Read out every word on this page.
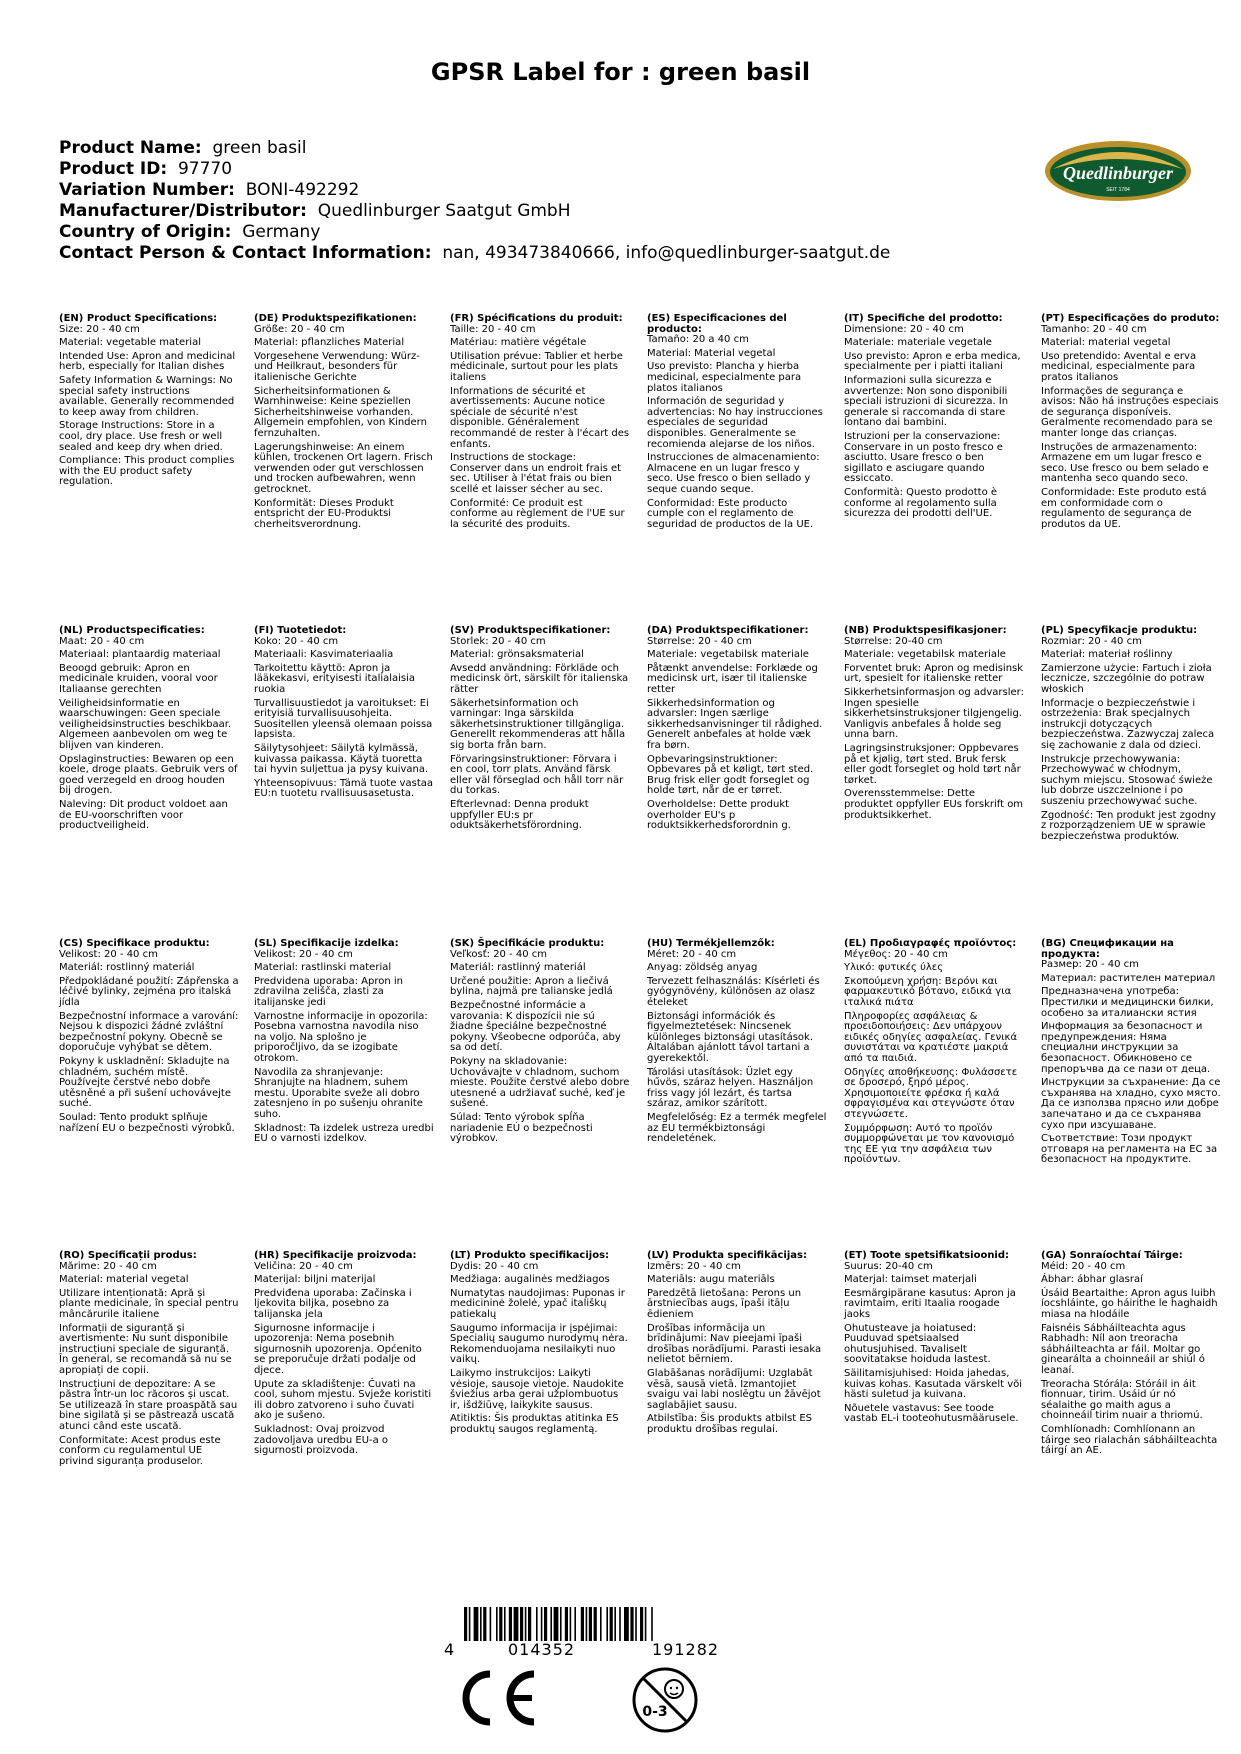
GPSR Label for : green basil
Product Name: green basil
Product ID: 97770
Variation Number: BONI-492292
Manufacturer/Distributor: Quedlinburger Saatgut GmbH
Country of Origin: Germany
Contact Person & Contact Information: nan, 493473840666, info@quedlinburger-saatgut.de
Quedlinburger
SEIT 1784
(EN) Product Specifications:
Size: 20 - 40 cm
Material: vegetable material
Intended Use: Apron and medicinal herb, especially for Italian dishes
Safety Information & Warnings: No special safety instructions available. Generally recommended to keep away from children.
Storage Instructions: Store in a cool, dry place. Use fresh or well sealed and keep dry when dried.
Compliance: This product complies with the EU product safety regulation.
(DE) Produktspezifikationen:
Größe: 20 - 40 cm
Material: pflanzliches Material
Vorgesehene Verwendung: Würz- und Heilkraut, besonders für italienische Gerichte
Sicherheitsinformationen & Warnhinweise: Keine speziellen Sicherheitshinweise vorhanden. Allgemein empfohlen, von Kindern fernzuhalten.
Lagerungshinweise: An einem kühlen, trockenen Ort lagern. Frisch verwenden oder gut verschlossen und trocken aufbewahren, wenn getrocknet.
Konformität: Dieses Produkt entspricht der EU-Produktsi cherheitsverordnung.
(FR) Spécifications du produit:
Taille: 20 - 40 cm
Matériau: matière végétale
Utilisation prévue: Tablier et herbe médicinale, surtout pour les plats italiens
Informations de sécurité et avertissements: Aucune notice spéciale de sécurité n'est disponible. Généralement recommandé de rester à l'écart des enfants.
Instructions de stockage: Conserver dans un endroit frais et sec. Utiliser à l'état frais ou bien scellé et laisser sécher au sec.
Conformité: Ce produit est conforme au règlement de l'UE sur la sécurité des produits.
(ES) Especificaciones del producto:
Tamaño: 20 a 40 cm
Material: Material vegetal
Uso previsto: Plancha y hierba medicinal, especialmente para platos italianos
Información de seguridad y advertencias: No hay instrucciones especiales de seguridad disponibles. Generalmente se recomienda alejarse de los niños.
Instrucciones de almacenamiento: Almacene en un lugar fresco y seco. Use fresco o bien sellado y seque cuando seque.
Conformidad: Este producto cumple con el reglamento de seguridad de productos de la UE.
(IT) Specifiche del prodotto:
Dimensione: 20 - 40 cm
Materiale: materiale vegetale
Uso previsto: Apron e erba medica, specialmente per i piatti italiani
Informazioni sulla sicurezza e avvertenze: Non sono disponibili speciali istruzioni di sicurezza. In generale si raccomanda di stare lontano dai bambini.
Istruzioni per la conservazione: Conservare in un posto fresco e asciutto. Usare fresco o ben sigillato e asciugare quando essiccato.
Conformità: Questo prodotto è conforme al regolamento sulla sicurezza dei prodotti dell'UE.
(PT) Especificações do produto:
Tamanho: 20 - 40 cm
Material: material vegetal
Uso pretendido: Avental e erva medicinal, especialmente para pratos italianos
Informações de segurança e avisos: Não há instruções especiais de segurança disponíveis. Geralmente recomendado para se manter longe das crianças.
Instruções de armazenamento: Armazene em um lugar fresco e seco. Use fresco ou bem selado e mantenha seco quando seco.
Conformidade: Este produto está em conformidade com o regulamento de segurança de produtos da UE.
(NL) Productspecificaties:
Maat: 20 - 40 cm
Materiaal: plantaardig materiaal
Beoogd gebruik: Apron en medicinale kruiden, vooral voor Italiaanse gerechten
Veiligheidsinformatie en waarschuwingen: Geen speciale veiligheidsinstructies beschikbaar. Algemeen aanbevolen om weg te blijven van kinderen.
Opslaginstructies: Bewaren op een koele, droge plaats. Gebruik vers of goed verzegeld en droog houden bij drogen.
Naleving: Dit product voldoet aan de EU-voorschriften voor productveiligheid.
(FI) Tuotetiedot:
Koko: 20 - 40 cm
Materiaali: Kasvimateriaalia
Tarkoitettu käyttö: Apron ja lääkekasvi, erityisesti italialaisia ruokia
Turvallisuustiedot ja varoitukset: Ei erityisiä turvallisuusohjeita. Suositellen yleensä olemaan poissa lapsista.
Säilytysohjeet: Säilytä kylmässä, kuivassa paikassa. Käytä tuoretta tai hyvin suljettua ja pysy kuivana.
Yhteensopivuus: Tämä tuote vastaa EU:n tuotetu rvallisuusasetusta.
(SV) Produktspecifikationer:
Storlek: 20 - 40 cm
Material: grönsaksmaterial
Avsedd användning: Förkläde och medicinsk ört, särskilt för italienska rätter
Säkerhetsinformation och varningar: Inga särskilda säkerhetsinstruktioner tillgängliga. Generellt rekommenderas att hålla sig borta från barn.
Förvaringsinstruktioner: Förvara i en cool, torr plats. Använd färsk eller väl förseglad och håll torr när du torkas.
Efterlevnad: Denna produkt uppfyller EU:s pr oduktsäkerhetsförordning.
(DA) Produktspecifikationer:
Størrelse: 20 - 40 cm
Materiale: vegetabilsk materiale
Påtænkt anvendelse: Forklæde og medicinsk urt, især til italienske retter
Sikkerhedsinformation og advarsler: Ingen særlige sikkerhedsanvisninger til rådighed. Generelt anbefales at holde væk fra børn.
Opbevaringsinstruktioner: Opbevares på et køligt, tørt sted. Brug frisk eller godt forseglet og holde tørt, når de er tørret.
Overholdelse: Dette produkt overholder EU's p roduktsikkerhedsforordnin g.
(NB) Produktspesifikasjoner:
Størrelse: 20-40 cm
Materiale: vegetabilsk materiale
Forventet bruk: Apron og medisinsk urt, spesielt for italienske retter
Sikkerhetsinformasjon og advarsler: Ingen spesielle sikkerhetsinstruksjoner tilgjengelig. Vanligvis anbefales å holde seg unna barn.
Lagringsinstruksjoner: Oppbevares på et kjølig, tørt sted. Bruk fersk eller godt forseglet og hold tørt når tørket.
Overensstemmelse: Dette produktet oppfyller EUs forskrift om produktsikkerhet.
(PL) Specyfikacje produktu:
Rozmiar: 20 - 40 cm
Materiał: materiał roślinny
Zamierzone użycie: Fartuch i zioła lecznicze, szczególnie do potraw włoskich
Informacje o bezpieczeństwie i ostrzeżenia: Brak specjalnych instrukcji dotyczących bezpieczeństwa. Zazwyczaj zaleca się zachowanie z dala od dzieci.
Instrukcje przechowywania: Przechowywać w chłodnym, suchym miejscu. Stosować świeże lub dobrze uszczelnione i po suszeniu przechowywać suche.
Zgodność: Ten produkt jest zgodny z rozporządzeniem UE w sprawie bezpieczeństwa produktów.
(CS) Specifikace produktu:
Velikost: 20 - 40 cm
Materiál: rostlinný materiál
Předpokládané použití: Zápřenska a léčivé bylinky, zejména pro italská jídla
Bezpečnostní informace a varování: Nejsou k dispozici žádné zvláštní bezpečnostní pokyny. Obecně se doporučuje vyhýbat se dětem.
Pokyny k uskladnění: Skladujte na chladném, suchém místě. Používejte čerstvé nebo dobře utěsněné a při sušení uchovávejte suché.
Soulad: Tento produkt splňuje nařízení EU o bezpečnosti výrobků.
(SL) Specifikacije izdelka:
Velikost: 20 - 40 cm
Material: rastlinski material
Predvidena uporaba: Apron in zdravilna zelišča, zlasti za italijanske jedi
Varnostne informacije in opozorila: Posebna varnostna navodila niso na voljo. Na splošno je priporočljivo, da se izogibate otrokom.
Navodila za shranjevanje: Shranjujte na hladnem, suhem mestu. Uporabite sveže ali dobro zatesnjeno in po sušenju ohranite suho.
Skladnost: Ta izdelek ustreza uredbi EU o varnosti izdelkov.
(SK) Špecifikácie produktu:
Veľkosť: 20 - 40 cm
Materiál: rastlinný materiál
Určené použitie: Apron a liečivá bylina, najmä pre talianske jedlá
Bezpečnostné informácie a varovania: K dispozícii nie sú žiadne špeciálne bezpečnostné pokyny. Všeobecne odporúča, aby sa od detí.
Pokyny na skladovanie: Uchovávajte v chladnom, suchom mieste. Použite čerstvé alebo dobre utesnené a udržiavať suché, keď je sušené.
Súlad: Tento výrobok spĺňa nariadenie EÚ o bezpečnosti výrobkov.
(HU) Termékjellemzők:
Méret: 20 - 40 cm
Anyag: zöldség anyag
Tervezett felhasználás: Kísérleti és gyógynövény, különösen az olasz ételeket
Biztonsági információk és figyelmeztetések: Nincsenek különleges biztonsági utasítások. Általában ajánlott távol tartani a gyerekektől.
Tárolási utasítások: Üzlet egy hűvös, száraz helyen. Használjon friss vagy jól lezárt, és tartsa száraz, amikor szárított.
Megfelelőség: Ez a termék megfelel az EU termékbiztonsági rendeletének.
(EL) Προδιαγραφές προϊόντος:
Μέγεθος: 20 - 40 cm
Υλικό: φυτικές ύλες
Σκοπούμενη χρήση: Βερόνι και φαρμακευτικό βότανο, ειδικά για ιταλικά πιάτα
Πληροφορίες ασφάλειας & προειδοποιήσεις: Δεν υπάρχουν ειδικές οδηγίες ασφαλείας. Γενικά συνιστάται να κρατιέστε μακριά από τα παιδιά.
Οδηγίες αποθήκευσης: Φυλάσσετε σε δροσερό, ξηρό μέρος. Χρησιμοποιείτε φρέσκα ή καλά σφραγισμένα και στεγνώστε όταν στεγνώσετε.
Συμμόρφωση: Αυτό το προϊόν συμμορφώνεται με τον κανονισμό της ΕΕ για την ασφάλεια των προϊόντων.
(BG) Спецификации на продукта:
Размер: 20 - 40 cm
Материал: растителен материал
Предназначена употреба: Престилки и медицински билки, особено за италиански ястия
Информация за безопасност и предупреждения: Няма специални инструкции за безопасност. Обикновено се препоръчва да се пази от деца.
Инструкции за съхранение: Да се съхранява на хладно, сухо място. Да се използва прясно или добре запечатано и да се съхранява сухо при изсушаване.
Съответствие: Този продукт отговаря на регламента на ЕС за безопасност на продуктите.
(RO) Specificații produs:
Mărime: 20 - 40 cm
Material: material vegetal
Utilizare intenționată: Apră și plante medicinale, în special pentru mâncărurile italiene
Informații de siguranță și avertismente: Nu sunt disponibile instrucțiuni speciale de siguranță. În general, se recomandă să nu se apropiați de copii.
Instrucțiuni de depozitare: A se păstra într-un loc răcoros și uscat. Se utilizează în stare proaspătă sau bine sigilată și se păstrează uscată atunci când este uscată.
Conformitate: Acest produs este conform cu regulamentul UE privind siguranța produselor.
(HR) Specifikacije proizvoda:
Veličina: 20 - 40 cm
Materijal: biljni materijal
Predviđena uporaba: Začinska i ljekovita biljka, posebno za talijanska jela
Sigurnosne informacije i upozorenja: Nema posebnih sigurnosnih upozorenja. Općenito se preporučuje držati podalje od djece.
Upute za skladištenje: Čuvati na cool, suhom mjestu. Svježe koristiti ili dobro zatvoreno i suho čuvati ako je sušeno.
Sukladnost: Ovaj proizvod zadovoljava uredbu EU-a o sigurnosti proizvoda.
(LT) Produkto specifikacijos:
Dydis: 20 - 40 cm
Medžiaga: augalinės medžiagos
Numatytas naudojimas: Puponas ir medicininė žolelė, ypač itališkų patiekalų
Saugumo informacija ir įspėjimai: Specialių saugumo nurodymų nėra. Rekomenduojama nesilaikyti nuo vaikų.
Laikymo instrukcijos: Laikyti vėsioje, sausoje vietoje. Naudokite šviežius arba gerai užplombuotus ir, išdžiūvę, laikykite sausus.
Atitiktis: Šis produktas atitinka ES produktų saugos reglamentą.
(LV) Produkta specifikācijas:
Izmērs: 20 - 40 cm
Materiāls: augu materiāls
Paredzētā lietošana: Perons un ārstniecības augs, īpaši itāļu ēdieniem
Drošības informācija un brīdinājumi: Nav pieejami īpaši drošības norādījumi. Parasti iesaka nelietot bērniem.
Glabāšanas norādījumi: Uzglabāt vēsā, sausā vietā. Izmantojiet svaigu vai labi noslēgtu un žāvējot saglabājiet sausu.
Atbilstība: Šis produkts atbilst ES produktu drošības regulai.
(ET) Toote spetsifikatsioonid:
Suurus: 20-40 cm
Materjal: taimset materjali
Eesmärgipärane kasutus: Apron ja ravimtaim, eriti Itaalia roogade jaoks
Ohutusteave ja hoiatused: Puuduvad spetsiaalsed ohutusjuhised. Tavaliselt soovitatakse hoiduda lastest.
Säilitamisjuhised: Hoida jahedas, kuivas kohas. Kasutada värskelt või hästi suletud ja kuivana.
Nõuetele vastavus: See toode vastab EL-i tooteohutusmäärusele.
(GA) Sonraíochtaí Táirge:
Méid: 20 - 40 cm
Ábhar: ábhar glasraí
Úsáid Beartaithe: Apron agus luibh íocshláinte, go háirithe le haghaidh miasa na hIodáile
Faisnéis Sábháilteachta agus Rabhadh: Níl aon treoracha sábháilteachta ar fáil. Moltar go ginearálta a choinneáil ar shiúl ó leanaí.
Treoracha Stórála: Stóráil in áit fionnuar, tirim. Úsáid úr nó séalaithe go maith agus a choinneáil tirim nuair a thriomú.
Comhlíonadh: Comhlíonann an táirge seo rialachán sábháilteachta táirgí an AE.
4	014352	191282
0-3
